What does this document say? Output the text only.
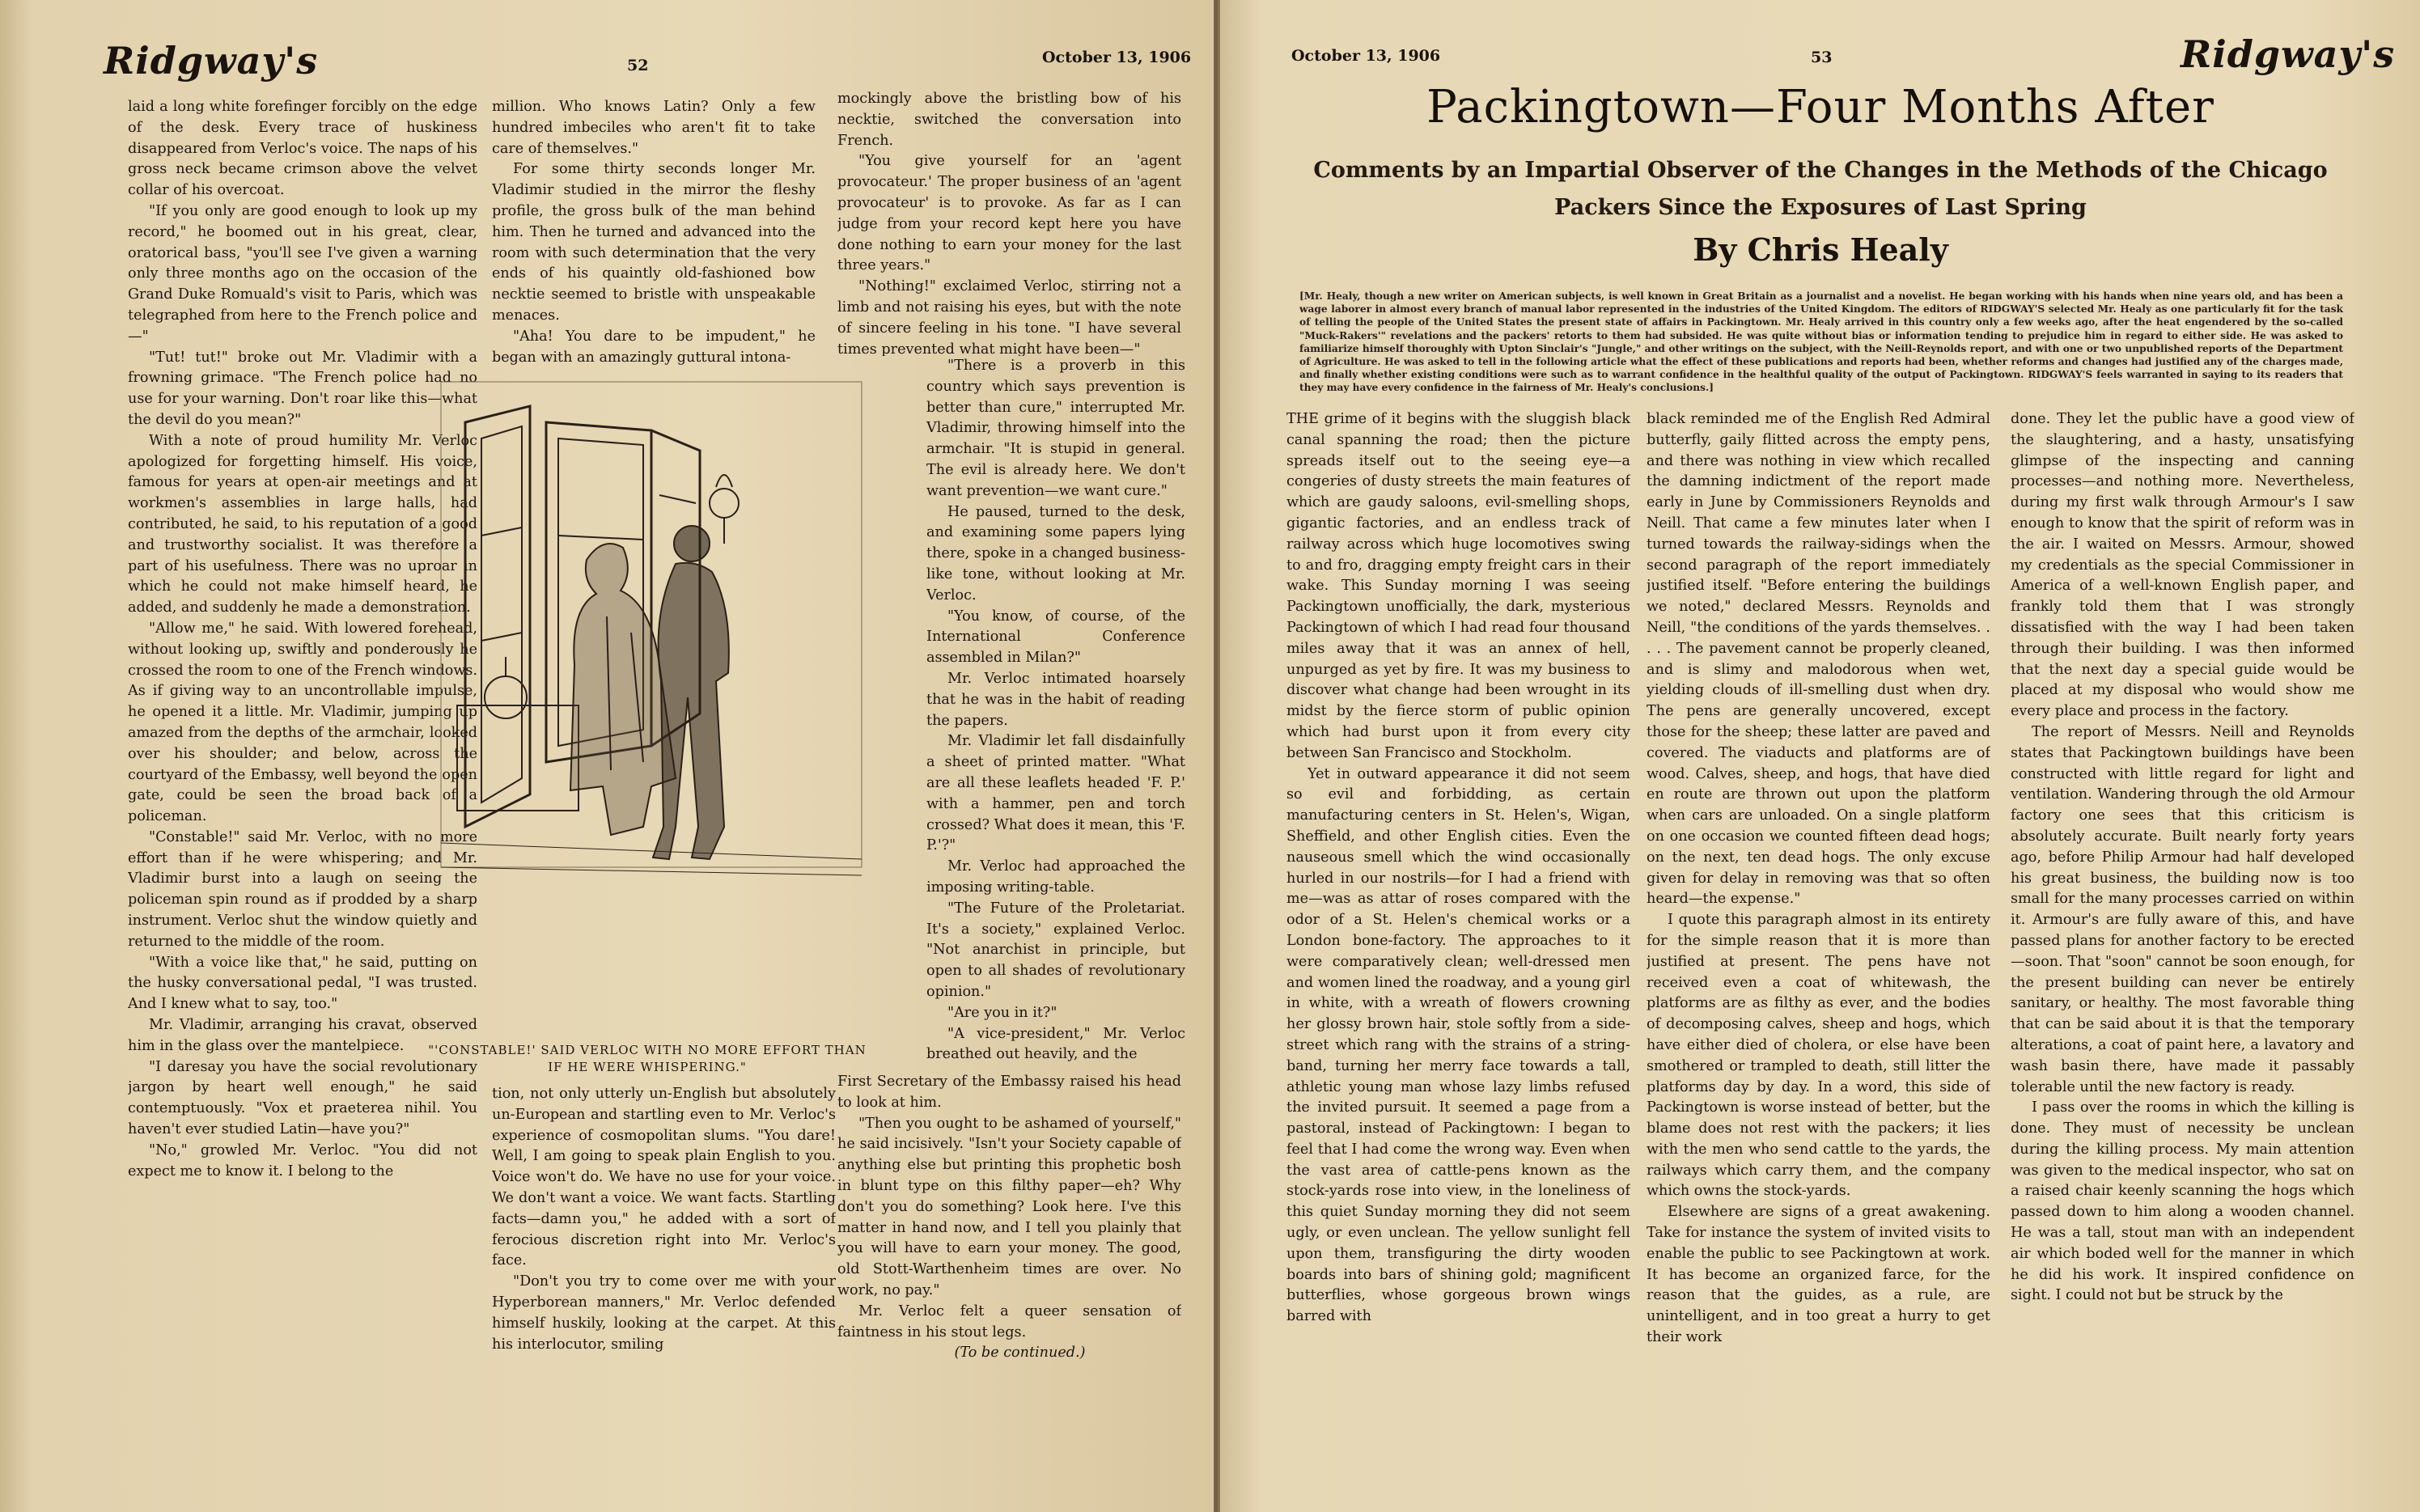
Ridgway's	52	October 13, 1906

laid a long white forefinger forcibly on the edge of the desk. Every trace of huskiness disappeared from Verloc's voice. The naps of his gross neck became crimson above the velvet collar of his overcoat.

"If you only are good enough to look up my record," he boomed out in his great, clear, oratorical bass, "you'll see I've given a warning only three months ago on the occasion of the Grand Duke Romuald's visit to Paris, which was telegraphed from here to the French police and—"

"Tut! tut!" broke out Mr. Vladimir with a frowning grimace. "The French police had no use for your warning. Don't roar like this—what the devil do you mean?"

With a note of proud humility Mr. Verloc apologized for forgetting himself. His voice, famous for years at open-air meetings and at workmen's assemblies in large halls, had contributed, he said, to his reputation of a good and trustworthy socialist. It was therefore a part of his usefulness. There was no uproar in which he could not make himself heard, he added, and suddenly he made a demonstration.

"Allow me," he said. With lowered forehead, without looking up, swiftly and ponderously he crossed the room to one of the French windows. As if giving way to an uncontrollable impulse, he opened it a little. Mr. Vladimir, jumping up amazed from the depths of the armchair, looked over his shoulder; and below, across the courtyard of the Embassy, well beyond the open gate, could be seen the broad back of a policeman.

"Constable!" said Mr. Verloc, with no more effort than if he were whispering; and Mr. Vladimir burst into a laugh on seeing the policeman spin round as if prodded by a sharp instrument. Verloc shut the window quietly and returned to the middle of the room.

"With a voice like that," he said, putting on the husky conversational pedal, "I was trusted. And I knew what to say, too."

Mr. Vladimir, arranging his cravat, observed him in the glass over the mantelpiece.

"I daresay you have the social revolutionary jargon by heart well enough," he said contemptuously. "Vox et praeterea nihil. You haven't ever studied Latin—have you?"

"No," growled Mr. Verloc. "You did not expect me to know it. I belong to the

million. Who knows Latin? Only a few hundred imbeciles who aren't fit to take care of themselves."

For some thirty seconds longer Mr. Vladimir studied in the mirror the fleshy profile, the gross bulk of the man behind him. Then he turned and advanced into the room with such determination that the very ends of his quaintly old-fashioned bow necktie seemed to bristle with unspeakable menaces.

"Aha! You dare to be impudent," he began with an amazingly guttural intona-

mockingly above the bristling bow of his necktie, switched the conversation into French.

"You give yourself for an 'agent provocateur.' The proper business of an 'agent provocateur' is to provoke. As far as I can judge from your record kept here you have done nothing to earn your money for the last three years."

"Nothing!" exclaimed Verloc, stirring not a limb and not raising his eyes, but with the note of sincere feeling in his tone. "I have several times prevented what might have been—"

"'CONSTABLE!' SAID VERLOC WITH NO MORE EFFORT THAN IF HE WERE WHISPERING."

"There is a proverb in this country which says prevention is better than cure," interrupted Mr. Vladimir, throwing himself into the armchair. "It is stupid in general. The evil is already here. We don't want prevention—we want cure."

He paused, turned to the desk, and examining some papers lying there, spoke in a changed business-like tone, without looking at Mr. Verloc.

"You know, of course, of the International Conference assembled in Milan?"

Mr. Verloc intimated hoarsely that he was in the habit of reading the papers.

Mr. Vladimir let fall disdainfully a sheet of printed matter. "What are all these leaflets headed 'F. P.' with a hammer, pen and torch crossed? What does it mean, this 'F. P.'?"

Mr. Verloc had approached the imposing writing-table.

"The Future of the Proletariat. It's a society," explained Verloc. "Not anarchist in principle, but open to all shades of revolutionary opinion."

"Are you in it?"

"A vice-president," Mr. Verloc breathed out heavily, and the

tion, not only utterly un-English but absolutely un-European and startling even to Mr. Verloc's experience of cosmopolitan slums. "You dare! Well, I am going to speak plain English to you. Voice won't do. We have no use for your voice. We don't want a voice. We want facts. Startling facts—damn you," he added with a sort of ferocious discretion right into Mr. Verloc's face.

"Don't you try to come over me with your Hyperborean manners," Mr. Verloc defended himself huskily, looking at the carpet. At this his interlocutor, smiling

First Secretary of the Embassy raised his head to look at him.

"Then you ought to be ashamed of yourself," he said incisively. "Isn't your Society capable of anything else but printing this prophetic bosh in blunt type on this filthy paper—eh? Why don't you do something? Look here. I've this matter in hand now, and I tell you plainly that you will have to earn your money. The good, old Stott-Warthenheim times are over. No work, no pay."

Mr. Verloc felt a queer sensation of faintness in his stout legs.

(To be continued.)

October 13, 1906	53	Ridgway's
Packingtown—Four Months After
Comments by an Impartial Observer of the Changes in the Methods of the Chicago
Packers Since the Exposures of Last Spring
By Chris Healy
[Mr. Healy, though a new writer on American subjects, is well known in Great Britain as a journalist and a novelist. He began working with his hands when nine years old, and has been a wage laborer in almost every branch of manual labor represented in the industries of the United Kingdom. The editors of RIDGWAY'S selected Mr. Healy as one particularly fit for the task of telling the people of the United States the present state of affairs in Packingtown. Mr. Healy arrived in this country only a few weeks ago, after the heat engendered by the so-called "Muck-Rakers'" revelations and the packers' retorts to them had subsided. He was quite without bias or information tending to prejudice him in regard to either side. He was asked to familiarize himself thoroughly with Upton Sinclair's "Jungle," and other writings on the subject, with the Neill-Reynolds report, and with one or two unpublished reports of the Department of Agriculture. He was asked to tell in the following article what the effect of these publications and reports had been, whether reforms and changes had justified any of the charges made, and finally whether existing conditions were such as to warrant confidence in the healthful quality of the output of Packingtown. RIDGWAY'S feels warranted in saying to its readers that they may have every confidence in the fairness of Mr. Healy's conclusions.]

THE grime of it begins with the sluggish black canal spanning the road; then the picture spreads itself out to the seeing eye—a congeries of dusty streets the main features of which are gaudy saloons, evil-smelling shops, gigantic factories, and an endless track of railway across which huge locomotives swing to and fro, dragging empty freight cars in their wake. This Sunday morning I was seeing Packingtown unofficially, the dark, mysterious Packingtown of which I had read four thousand miles away that it was an annex of hell, unpurged as yet by fire. It was my business to discover what change had been wrought in its midst by the fierce storm of public opinion which had burst upon it from every city between San Francisco and Stockholm.

Yet in outward appearance it did not seem so evil and forbidding, as certain manufacturing centers in St. Helen's, Wigan, Sheffield, and other English cities. Even the nauseous smell which the wind occasionally hurled in our nostrils—for I had a friend with me—was as attar of roses compared with the odor of a St. Helen's chemical works or a London bone-factory. The approaches to it were comparatively clean; well-dressed men and women lined the roadway, and a young girl in white, with a wreath of flowers crowning her glossy brown hair, stole softly from a side-street which rang with the strains of a string-band, turning her merry face towards a tall, athletic young man whose lazy limbs refused the invited pursuit. It seemed a page from a pastoral, instead of Packingtown: I began to feel that I had come the wrong way. Even when the vast area of cattle-pens known as the stock-yards rose into view, in the loneliness of this quiet Sunday morning they did not seem ugly, or even unclean. The yellow sunlight fell upon them, transfiguring the dirty wooden boards into bars of shining gold; magnificent butterflies, whose gorgeous brown wings barred with

black reminded me of the English Red Admiral butterfly, gaily flitted across the empty pens, and there was nothing in view which recalled the damning indictment of the report made early in June by Commissioners Reynolds and Neill. That came a few minutes later when I turned towards the railway-sidings when the second paragraph of the report immediately justified itself. "Before entering the buildings we noted," declared Messrs. Reynolds and Neill, "the conditions of the yards themselves. . . . . The pavement cannot be properly cleaned, and is slimy and malodorous when wet, yielding clouds of ill-smelling dust when dry. The pens are generally uncovered, except those for the sheep; these latter are paved and covered. The viaducts and platforms are of wood. Calves, sheep, and hogs, that have died en route are thrown out upon the platform when cars are unloaded. On a single platform on one occasion we counted fifteen dead hogs; on the next, ten dead hogs. The only excuse given for delay in removing was that so often heard—the expense."

I quote this paragraph almost in its entirety for the simple reason that it is more than justified at present. The pens have not received even a coat of whitewash, the platforms are as filthy as ever, and the bodies of decomposing calves, sheep and hogs, which have either died of cholera, or else have been smothered or trampled to death, still litter the platforms day by day. In a word, this side of Packingtown is worse instead of better, but the blame does not rest with the packers; it lies with the men who send cattle to the yards, the railways which carry them, and the company which owns the stock-yards.

Elsewhere are signs of a great awakening. Take for instance the system of invited visits to enable the public to see Packingtown at work. It has become an organized farce, for the reason that the guides, as a rule, are unintelligent, and in too great a hurry to get their work

done. They let the public have a good view of the slaughtering, and a hasty, unsatisfying glimpse of the inspecting and canning processes—and nothing more. Nevertheless, during my first walk through Armour's I saw enough to know that the spirit of reform was in the air. I waited on Messrs. Armour, showed my credentials as the special Commissioner in America of a well-known English paper, and frankly told them that I was strongly dissatisfied with the way I had been taken through their building. I was then informed that the next day a special guide would be placed at my disposal who would show me every place and process in the factory.

The report of Messrs. Neill and Reynolds states that Packingtown buildings have been constructed with little regard for light and ventilation. Wandering through the old Armour factory one sees that this criticism is absolutely accurate. Built nearly forty years ago, before Philip Armour had half developed his great business, the building now is too small for the many processes carried on within it. Armour's are fully aware of this, and have passed plans for another factory to be erected—soon. That "soon" cannot be soon enough, for the present building can never be entirely sanitary, or healthy. The most favorable thing that can be said about it is that the temporary alterations, a coat of paint here, a lavatory and wash basin there, have made it passably tolerable until the new factory is ready.

I pass over the rooms in which the killing is done. They must of necessity be unclean during the killing process. My main attention was given to the medical inspector, who sat on a raised chair keenly scanning the hogs which passed down to him along a wooden channel. He was a tall, stout man with an independent air which boded well for the manner in which he did his work. It inspired confidence on sight. I could not but be struck by the
